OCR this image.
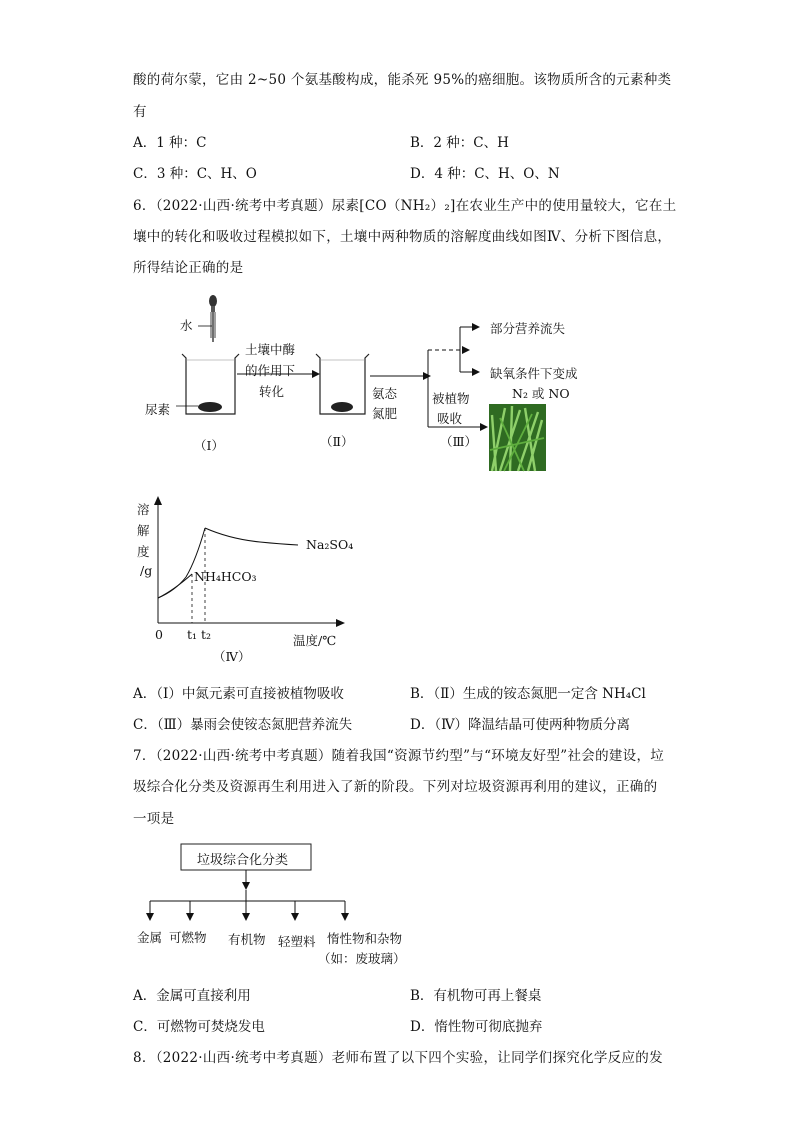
酸的荷尔蒙，它由 2~50 个氨基酸构成，能杀死 95%的癌细胞。该物质所含的元素种类
有
A．1 种：C	B．2 种：C、H
C．3 种：C、H、O	D．4 种：C、H、O、N
6．（2022·山西·统考中考真题）尿素[CO（NH₂）₂]在农业生产中的使用量较大，它在土
壤中的转化和吸收过程模拟如下，土壤中两种物质的溶解度曲线如图Ⅳ、分析下图信息，
所得结论正确的是
水
尿素
土壤中酶
的作用下
转化	氨态
氮肥
被植物
吸收
部分营养流失
缺氧条件下变成
N₂ 或 NO
（Ⅰ）	（Ⅱ）	（Ⅲ）
溶
解
度
/g
0 t₁ t₂	温度/℃
Na₂SO₄
NH₄HCO₃
（Ⅳ）
A．（Ⅰ）中氮元素可直接被植物吸收	B．（Ⅱ）生成的铵态氮肥一定含 NH₄Cl
C．（Ⅲ）暴雨会使铵态氮肥营养流失	D．（Ⅳ）降温结晶可使两种物质分离
7．（2022·山西·统考中考真题）随着我国“资源节约型”与“环境友好型”社会的建设，垃
圾综合化分类及资源再生利用进入了新的阶段。下列对垃圾资源再利用的建议，正确的
一项是
垃圾综合化分类
金属 可燃物 有机物 轻塑料 惰性物和杂物
（如：废玻璃）
A．金属可直接利用	B．有机物可再上餐桌
C．可燃物可焚烧发电	D．惰性物可彻底抛弃
8．（2022·山西·统考中考真题）老师布置了以下四个实验，让同学们探究化学反应的发
